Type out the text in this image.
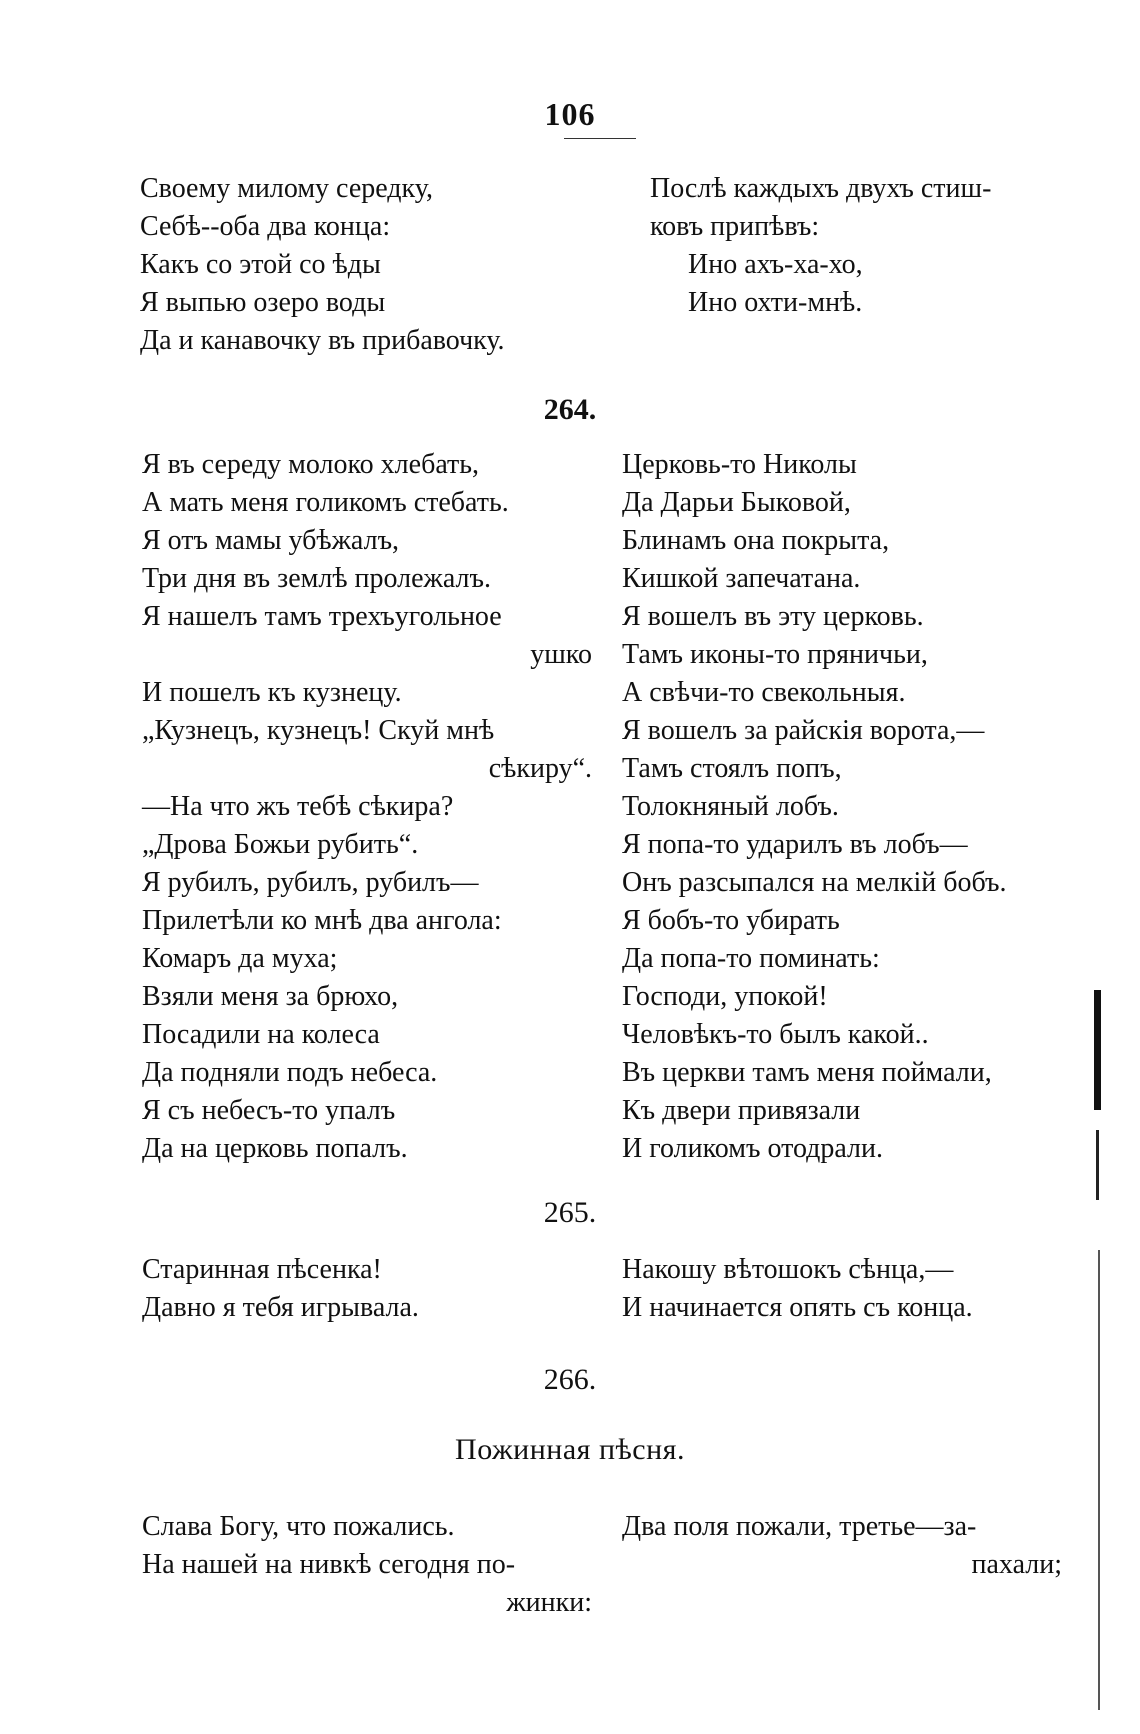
106
Своему милому середку,
Себѣ--оба два конца:
Какъ со этой со ѣды
Я выпью озеро воды
Да и канавочку въ прибавочку.
Послѣ каждыхъ двухъ стиш-
ковъ припѣвъ:
Ино ахъ-ха-хо,
Ино охти-мнѣ.
264.
Я въ середу молоко хлебать,
А мать меня голикомъ стебать.
Я отъ мамы убѣжалъ,
Три дня въ землѣ пролежалъ.
Я нашелъ тамъ трехъугольное
ушко
И пошелъ къ кузнецу.
„Кузнецъ, кузнецъ! Скуй мнѣ
сѣкиру“.
—На что жъ тебѣ сѣкира?
„Дрова Божьи рубить“.
Я рубилъ, рубилъ, рубилъ—
Прилетѣли ко мнѣ два ангола:
Комаръ да муха;
Взяли меня за брюхо,
Посадили на колеса
Да подняли подъ небеса.
Я съ небесъ-то упалъ
Да на церковь попалъ.
Церковь-то Николы
Да Дарьи Быковой,
Блинамъ она покрыта,
Кишкой запечатана.
Я вошелъ въ эту церковь.
Тамъ иконы-то пряничьи,
А свѣчи-то свекольныя.
Я вошелъ за райскія ворота,—
Тамъ стоялъ попъ,
Толокняный лобъ.
Я попа-то ударилъ въ лобъ—
Онъ разсыпался на мелкій бобъ.
Я бобъ-то убирать
Да попа-то поминать:
Господи, упокой!
Человѣкъ-то былъ какой..
Въ церкви тамъ меня поймали,
Къ двери привязали
И голикомъ отодрали.
265.
Старинная пѣсенка!
Давно я тебя игрывала.
Накошу вѣтошокъ сѣнца,—
И начинается опять съ конца.
266.
Пожинная пѣсня.
Слава Богу, что пожались.
На нашей на нивкѣ сегодня по-
жинки:
Два поля пожали, третье—за-
пахали;
